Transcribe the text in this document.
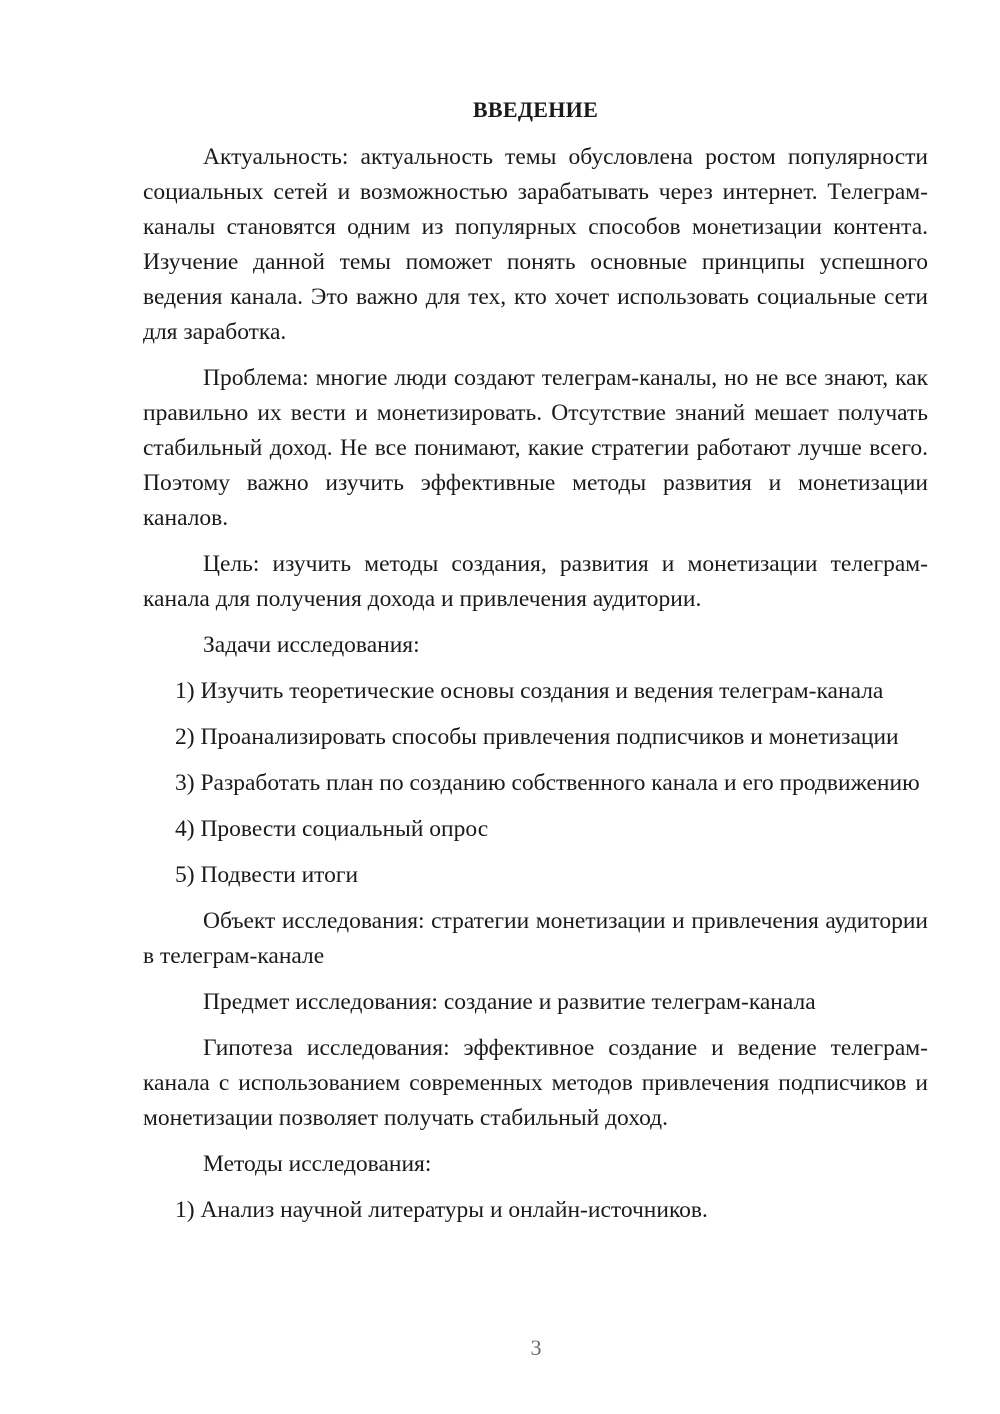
ВВЕДЕНИЕ

Актуальность: актуальность темы обусловлена ростом популярности социальных сетей и возможностью зарабатывать через интернет. Телеграм-каналы становятся одним из популярных способов монетизации контента. Изучение данной темы поможет понять основные принципы успешного ведения канала. Это важно для тех, кто хочет использовать социальные сети для заработка.

Проблема: многие люди создают телеграм-каналы, но не все знают, как правильно их вести и монетизировать. Отсутствие знаний мешает получать стабильный доход. Не все понимают, какие стратегии работают лучше всего. Поэтому важно изучить эффективные методы развития и монетизации каналов.

Цель: изучить методы создания, развития и монетизации телеграм-канала для получения дохода и привлечения аудитории.

Задачи исследования:

1) Изучить теоретические основы создания и ведения телеграм-канала

2) Проанализировать способы привлечения подписчиков и монетизации

3) Разработать план по созданию собственного канала и его продвижению

4) Провести социальный опрос

5) Подвести итоги

Объект исследования: стратегии монетизации и привлечения аудитории в телеграм-канале

Предмет исследования: создание и развитие телеграм-канала

Гипотеза исследования: эффективное создание и ведение телеграм-канала с использованием современных методов привлечения подписчиков и монетизации позволяет получать стабильный доход.

Методы исследования:

1) Анализ научной литературы и онлайн-источников.

3
